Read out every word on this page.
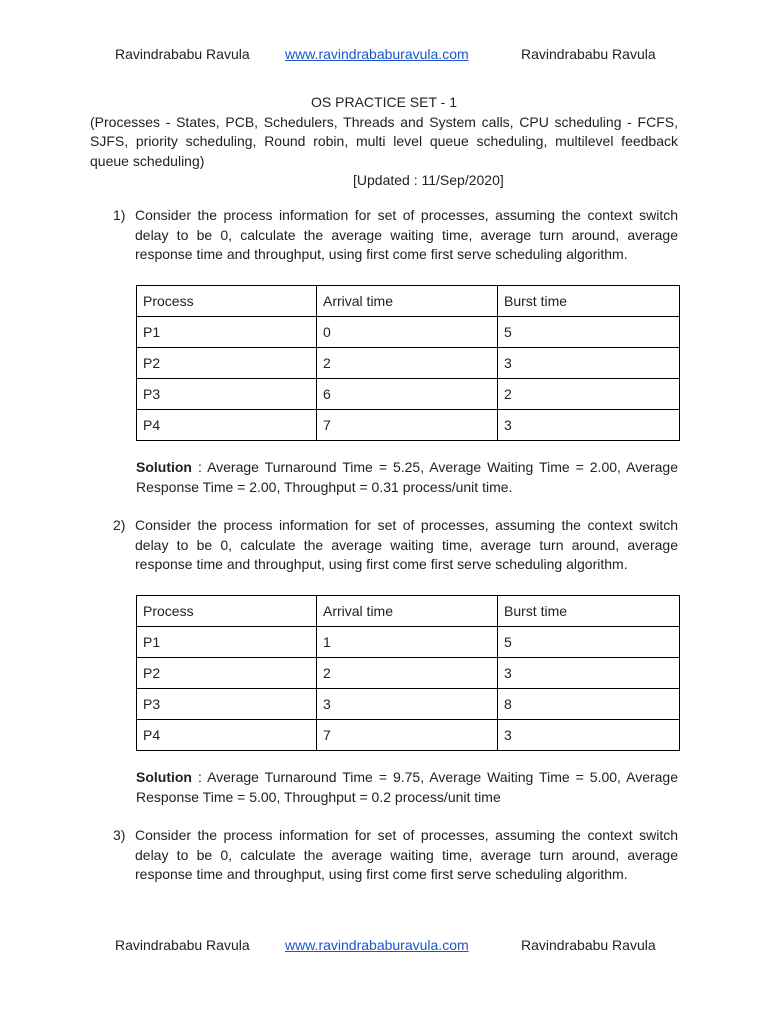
Ravindrababu Ravula	www.ravindrababuravula.com	Ravindrababu Ravula
OS PRACTICE SET - 1
(Processes - States, PCB, Schedulers, Threads and System calls, CPU scheduling - FCFS, SJFS, priority scheduling, Round robin, multi level queue scheduling, multilevel feedback queue scheduling)
[Updated : 11/Sep/2020]
1) Consider the process information for set of processes, assuming the context switch delay to be 0, calculate the average waiting time, average turn around, average response time and throughput, using first come first serve scheduling algorithm.
Process	Arrival time	Burst time
P1	0	5
P2	2	3
P3	6	2
P4	7	3
Solution : Average Turnaround Time = 5.25, Average Waiting Time = 2.00, Average Response Time = 2.00, Throughput = 0.31 process/unit time.
2) Consider the process information for set of processes, assuming the context switch delay to be 0, calculate the average waiting time, average turn around, average response time and throughput, using first come first serve scheduling algorithm.
Process	Arrival time	Burst time
P1	1	5
P2	2	3
P3	3	8
P4	7	3
Solution : Average Turnaround Time = 9.75, Average Waiting Time = 5.00, Average Response Time = 5.00, Throughput = 0.2 process/unit time
3) Consider the process information for set of processes, assuming the context switch delay to be 0, calculate the average waiting time, average turn around, average response time and throughput, using first come first serve scheduling algorithm.
Ravindrababu Ravula	www.ravindrababuravula.com	Ravindrababu Ravula
